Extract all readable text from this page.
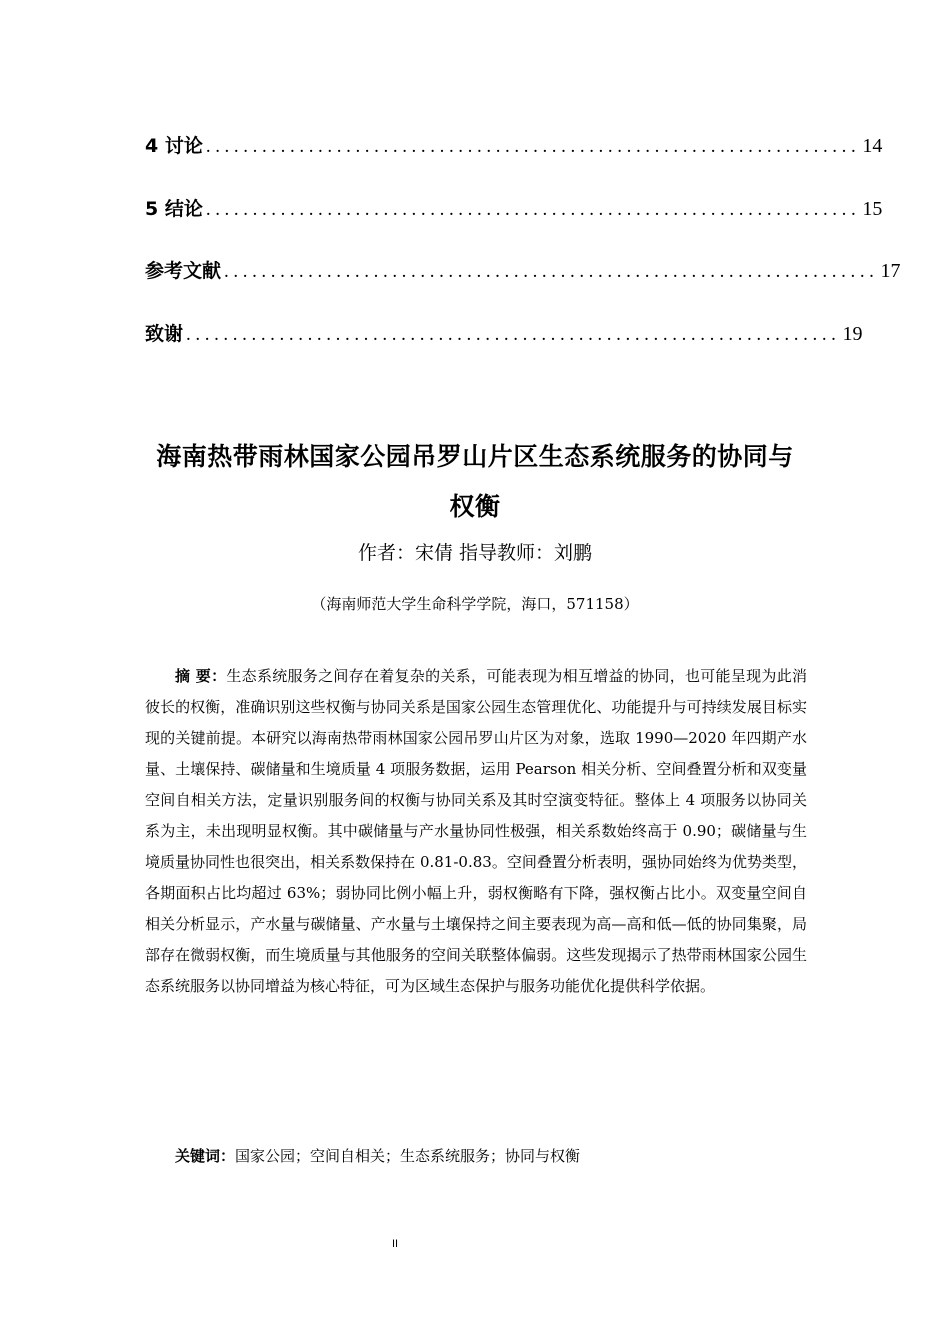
4 讨论 ...................................................................... 14
5 结论 ...................................................................... 15
参考文献 ...................................................................... 17
致谢 ...................................................................... 19
海南热带雨林国家公园吊罗山片区生态系统服务的协同与
权衡
作者：宋倩 指导教师：刘鹏
（海南师范大学生命科学学院，海口，571158）

摘 要：生态系统服务之间存在着复杂的关系，可能表现为相互增益的协同，也可能呈现为此消彼长的权衡，准确识别这些权衡与协同关系是国家公园生态管理优化、功能提升与可持续发展目标实现的关键前提。本研究以海南热带雨林国家公园吊罗山片区为对象，选取 1990—2020 年四期产水量、土壤保持、碳储量和生境质量 4 项服务数据，运用 Pearson 相关分析、空间叠置分析和双变量空间自相关方法，定量识别服务间的权衡与协同关系及其时空演变特征。整体上 4 项服务以协同关系为主，未出现明显权衡。其中碳储量与产水量协同性极强，相关系数始终高于 0.90；碳储量与生境质量协同性也很突出，相关系数保持在 0.81-0.83。空间叠置分析表明，强协同始终为优势类型，各期面积占比均超过 63%；弱协同比例小幅上升，弱权衡略有下降，强权衡占比小。双变量空间自相关分析显示，产水量与碳储量、产水量与土壤保持之间主要表现为高—高和低—低的协同集聚，局部存在微弱权衡，而生境质量与其他服务的空间关联整体偏弱。这些发现揭示了热带雨林国家公园生态系统服务以协同增益为核心特征，可为区域生态保护与服务功能优化提供科学依据。

关键词：国家公园；空间自相关；生态系统服务；协同与权衡

II
